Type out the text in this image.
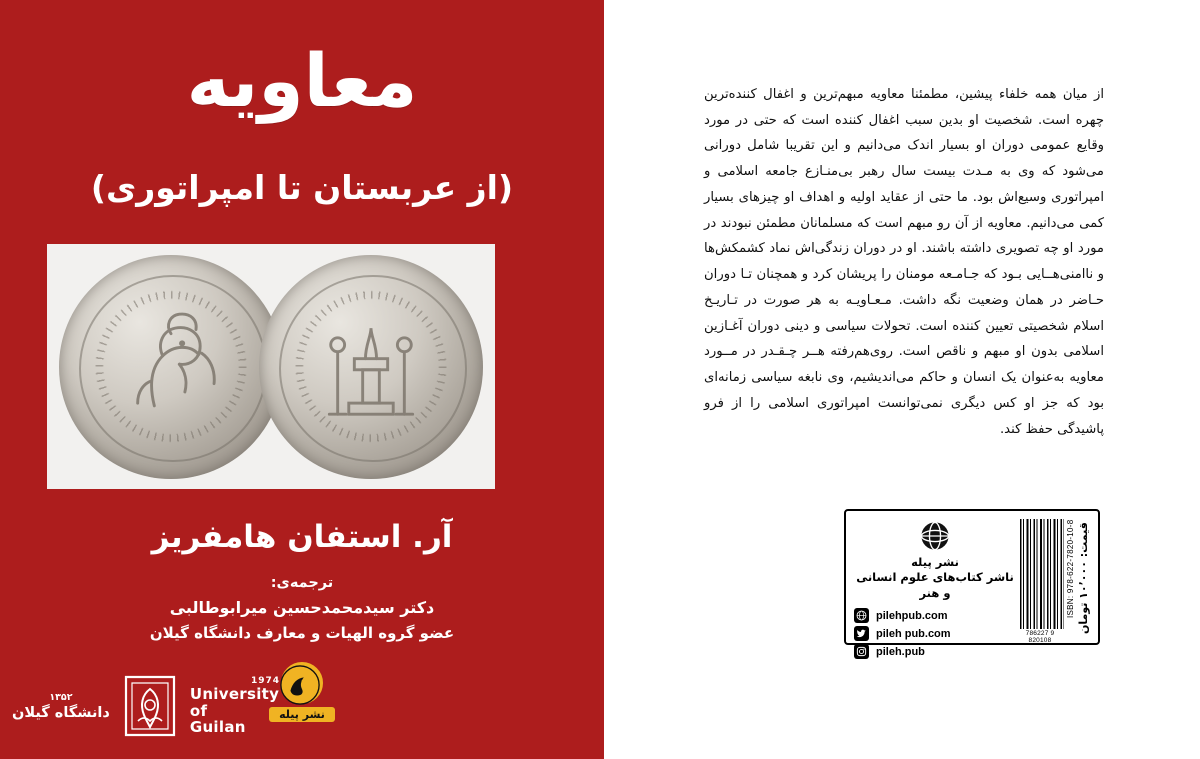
از میان همه خلفاء پیشین، مطمئنا معاویه مبهم‌ترین و اغفال کننده‌ترین چهره است. شخصیت او بدین سبب اغفال کننده است که حتی در مورد وقایع عمومی دوران او بسیار اندک می‌دانیم و این تقریبا شامل دورانی می‌شود که وی به مـدت بیست سال رهبر بی‌منـازع جامعه اسلامی و امپراتوری وسیع‌اش بود. ما حتی از عقاید اولیه و اهداف او چیزهای بسیار کمی می‌دانیم. معاویه از آن رو مبهم است که مسلمانان مطمئن نبودند در مورد او چه تصویری داشته باشند. او در دوران زندگی‌اش نماد کشمکش‌ها و ناامنی‌هــایی بـود که جـامـعه مومنان را پریشان کرد و همچنان تـا دوران حـاضر در همان وضعیت نگه داشت. مـعـاویـه به هر صورت در تـاریـخ اسلام شخصیتی تعیین کننده است. تحولات سیاسی و دینی دوران آغـازین اسلامی بدون او مبهم و ناقص است. روی‌هم‌رفته هــر چـقـدر در مــورد معاویه به‌عنوان یک انسان و حاکم می‌اندیشیم، وی نابغه سیاسی زمانه‌ای بود که جز او کس دیگری نمی‌توانست امپراتوری اسلامی را از فرو پاشیدگی حفظ کند.

نشر پیله
ناشر کتاب‌های علوم انسانی و هنر
pilehpub.com
pileh pub.com
pileh.pub
قیمت: ۱۰٬۰۰۰ تومان
ISBN: 978-622-7820-10-8
9 786227 820108
معاویه
(از عربستان تا امپراتوری)
آر. استفان هامفریز
ترجمه‌ی:
دکتر سیدمحمدحسین میرابوطالبی
عضو گروه الهیات و معارف دانشگاه گیلان
نشر پیله
1974
University of
Guilan
۱۳۵۲
دانشگاه گیلان
